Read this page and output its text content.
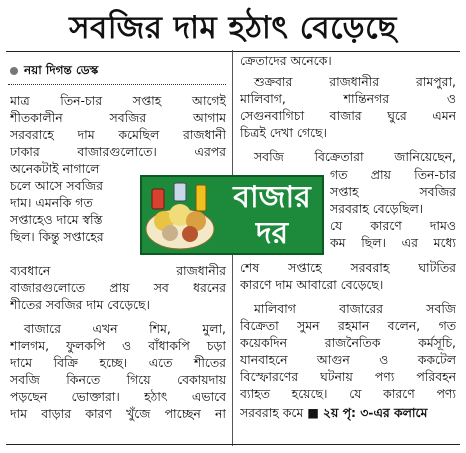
সবজির দাম হঠাৎ বেড়েছে
নয়া দিগন্ত ডেস্ক
মাত্র তিন-চার সপ্তাহ আগেই
শীতকালীন সবজির আগাম
সরবরাহে দাম কমেছিল রাজধানী
ঢাকার বাজারগুলোতে। এরপর
অনেকটাই নাগালে
চলে আসে সবজির
দাম। এমনকি গত
সপ্তাহেও দামে স্বস্তি
ছিল। কিন্তু সপ্তাহের
ব্যবধানে রাজধানীর
বাজারগুলোতে প্রায় সব ধরনের
শীতের সবজির দাম বেড়েছে।
বাজারে এখন শিম, মুলা,
শালগম, ফুলকপি ও বাঁধাকপি চড়া
দামে বিক্রি হচ্ছে। এতে শীতের
সবজি কিনতে গিয়ে বেকায়দায়
পড়ছেন ভোক্তারা। হঠাৎ এভাবে
দাম বাড়ার কারণ খুঁজে পাচ্ছেন না
ক্রেতাদের অনেকে।
শুক্রবার রাজধানীর রামপুরা,
মালিবাগ, শান্তিনগর ও
সেগুনবাগিচা বাজার ঘুরে এমন
চিত্রই দেখা গেছে।
সবজি বিক্রেতারা জানিয়েছেন,
গত প্রায় তিন-চার
সপ্তাহ সবজির
সরবরাহ বেড়েছিল।
যে কারণে দামও
কম ছিল। এর মধ্যে
শেষ সপ্তাহে সরবরাহ ঘাটতির
কারণে দাম আবারো বেড়েছে।
মালিবাগ বাজারের সবজি
বিক্রেতা সুমন রহমান বলেন, গত
কয়েকদিন রাজনৈতিক কর্মসূচি,
যানবাহনে আগুন ও ককটেল
বিস্ফোরণের ঘটনায় পণ্য পরিবহন
ব্যাহত হয়েছে। যে কারণে পণ্য
সরবরাহ কমে ■ ২য় পৃ: ৩-এর কলামে
বাজার
দর
